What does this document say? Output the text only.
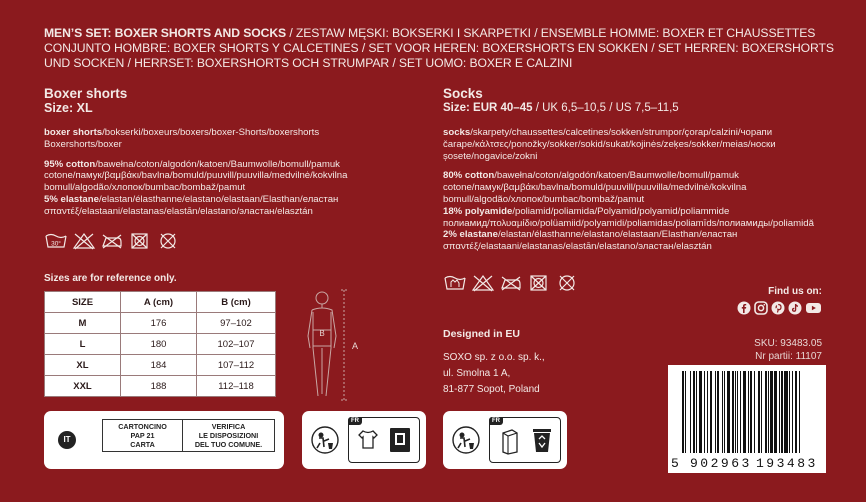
MEN’S SET: BOXER SHORTS AND SOCKS / ZESTAW MĘSKI: BOKSERKI I SKARPETKI / ENSEMBLE HOMME: BOXER ET CHAUSSETTES
CONJUNTO HOMBRE: BOXER SHORTS Y CALCETINES / SET VOOR HEREN: BOXERSHORTS EN SOKKEN / SET HERREN: BOXERSHORTS
UND SOCKEN / HERRSET: BOXERSHORTS OCH STRUMPAR / SET UOMO: BOXER E CALZINI
Boxer shorts
Size: XL
boxer shorts/bokserki/boxeurs/boxers/boxer-Shorts/boxershorts
Boxershorts/boxer
95% cotton/bawełna/coton/algodón/katoen/Baumwolle/bomull/pamuk
cotone/памук/βαμβάκι/bavlna/bomuld/puuvill/puuvilla/medvilnė/kokvilna
bomull/algodão/хлопок/bumbac/bombaž/pamut
5% elastane/elastan/élasthanne/elastano/elastaan/Elasthan/еластан
σπαντέξ/elastaani/elastanas/elastān/elastano/эластан/elasztán
30°
Sizes are for reference only.
SIZE	A (cm)	B (cm)
M	176	97–102
L	180	102–107
XL	184	107–112
XXL	188	112–118
B
A
Socks
Size: EUR 40–45 / UK 6,5–10,5 / US 7,5–11,5
socks/skarpety/chaussettes/calcetines/sokken/strumpor/çorap/calzini/чорапи
čarape/κάλτσες/ponožky/sokker/sokid/sukat/kojinės/zeķes/sokker/meias/носки
șosete/nogavice/zokni
80% cotton/bawełna/coton/algodón/katoen/Baumwolle/bomull/pamuk
cotone/памук/βαμβάκι/bavlna/bomuld/puuvill/puuvilla/medvilnė/kokvilna
bomull/algodão/хлопок/bumbac/bombaž/pamut
18% polyamide/poliamid/poliamida/Polyamid/polyamid/poliammide
полиамид/πολυαμίδιο/polüamiid/polyamidi/poliamidas/poliamīds/полиамиды/poliamidă
2% elastane/elastan/élasthanne/elastano/elastaan/Elasthan/еластан
σπαντέξ/elastaani/elastanas/elastān/elastano/эластан/elasztán
Designed in EU
SOXO sp. z o.o. sp. k.,
ul. Smolna 1 A,
81-877 Sopot, Poland
IT
CARTONCINO
PAP 21
CARTA

VERIFICA
LE DISPOSIZIONI
DEL TUO COMUNE.
FR	FR
Find us on:
SKU: 93483.05
Nr partii: 11107
5 902963 193483
